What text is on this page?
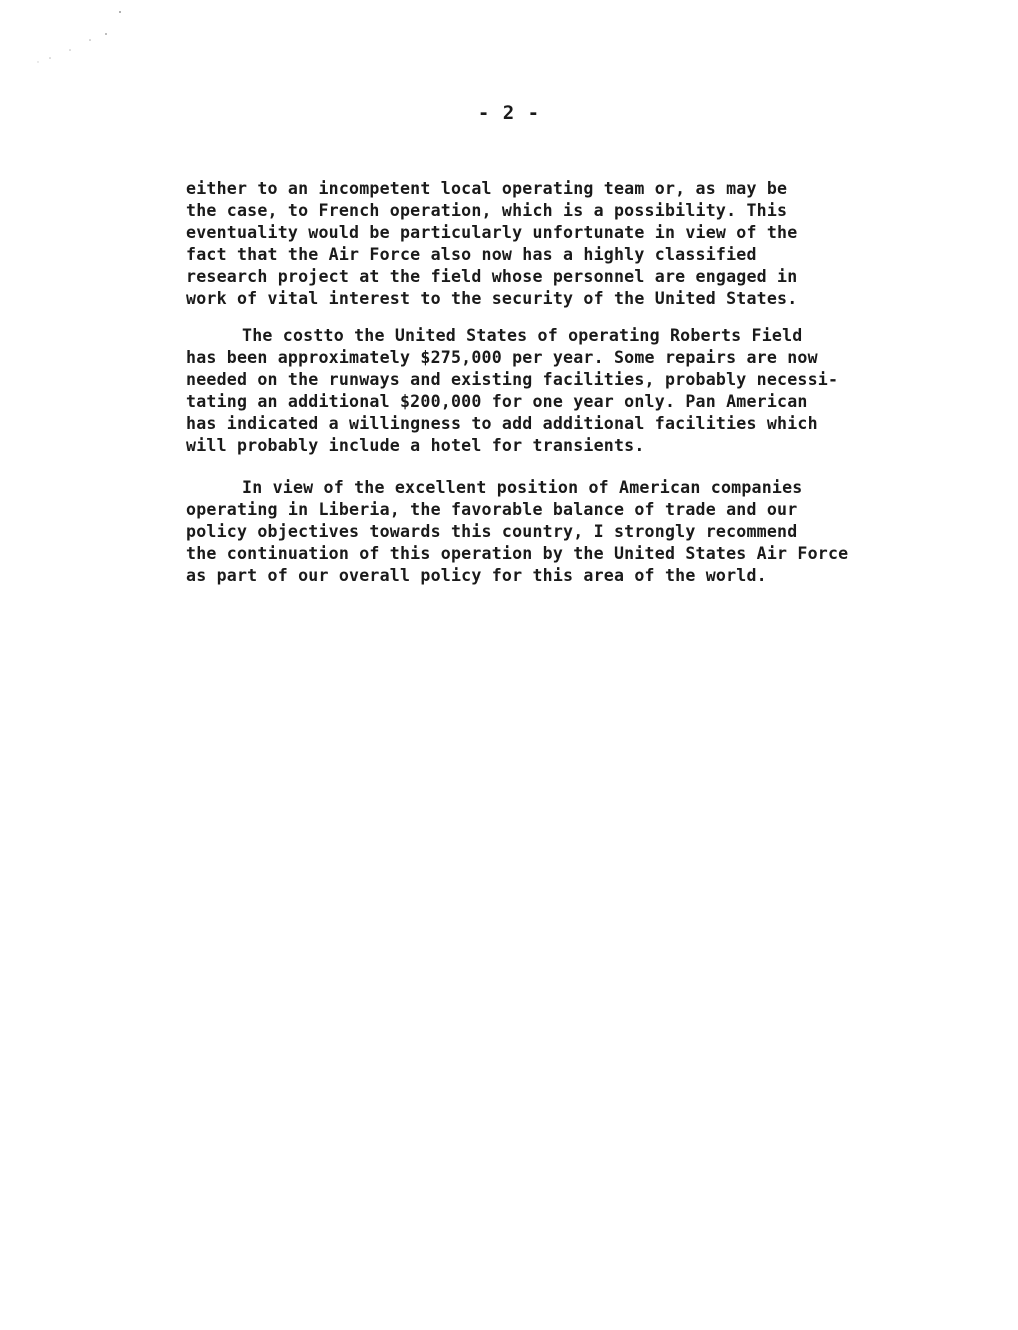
- 2 -
either to an incompetent local operating team or, as may be
the case, to French operation, which is a possibility. This
eventuality would be particularly unfortunate in view of the
fact that the Air Force also now has a highly classified
research project at the field whose personnel are engaged in
work of vital interest to the security of the United States.
The costto the United States of operating Roberts Field
has been approximately $275,000 per year. Some repairs are now
needed on the runways and existing facilities, probably necessi-
tating an additional $200,000 for one year only. Pan American
has indicated a willingness to add additional facilities which
will probably include a hotel for transients.
In view of the excellent position of American companies
operating in Liberia, the favorable balance of trade and our
policy objectives towards this country, I strongly recommend
the continuation of this operation by the United States Air Force
as part of our overall policy for this area of the world.
